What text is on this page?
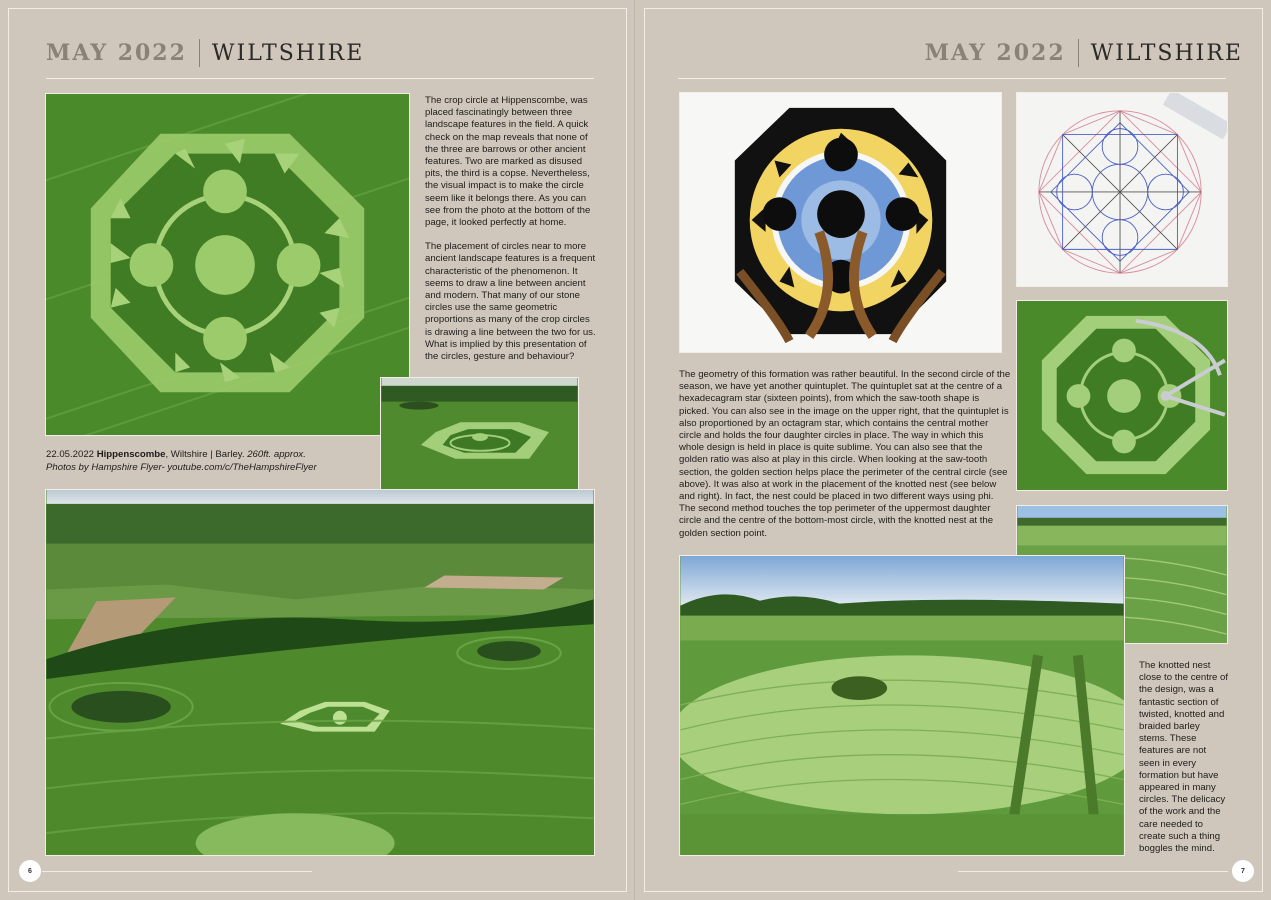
MAY 2022 WILTSHIRE

The crop circle at Hippenscombe, was placed fascinatingly between three landscape features in the field. A quick check on the map reveals that none of the three are barrows or other ancient features. Two are marked as disused pits, the third is a copse. Nevertheless, the visual impact is to make the circle seem like it belongs there. As you can see from the photo at the bottom of the page, it looked perfectly at home.

The placement of circles near to more ancient landscape features is a frequent characteristic of the phenomenon. It seems to draw a line between ancient and modern. That many of our stone circles use the same geometric proportions as many of the crop circles is drawing a line between the two for us. What is implied by this presentation of the circles, gesture and behaviour?

22.05.2022 Hippenscombe, Wiltshire | Barley. 260ft. approx.
Photos by Hampshire Flyer- youtube.com/c/TheHampshireFlyer
6
MAY 2022 WILTSHIRE

The geometry of this formation was rather beautiful. In the second circle of the season, we have yet another quintuplet. The quintuplet sat at the centre of a hexadecagram star (sixteen points), from which the saw-tooth shape is picked. You can also see in the image on the upper right, that the quintuplet is also proportioned by an octagram star, which contains the central mother circle and holds the four daughter circles in place. The way in which this whole design is held in place is quite sublime. You can also see that the golden ratio was also at play in this circle. When looking at the saw-tooth section, the golden section helps place the perimeter of the central circle (see above). It was also at work in the placement of the knotted nest (see below and right). In fact, the nest could be placed in two different ways using phi. The second method touches the top perimeter of the uppermost daughter circle and the centre of the bottom-most circle, with the knotted nest at the golden section point.

The knotted nest close to the centre of the design, was a fantastic section of twisted, knotted and braided barley stems. These features are not seen in every formation but have appeared in many circles. The delicacy of the work and the care needed to create such a thing boggles the mind.

7
